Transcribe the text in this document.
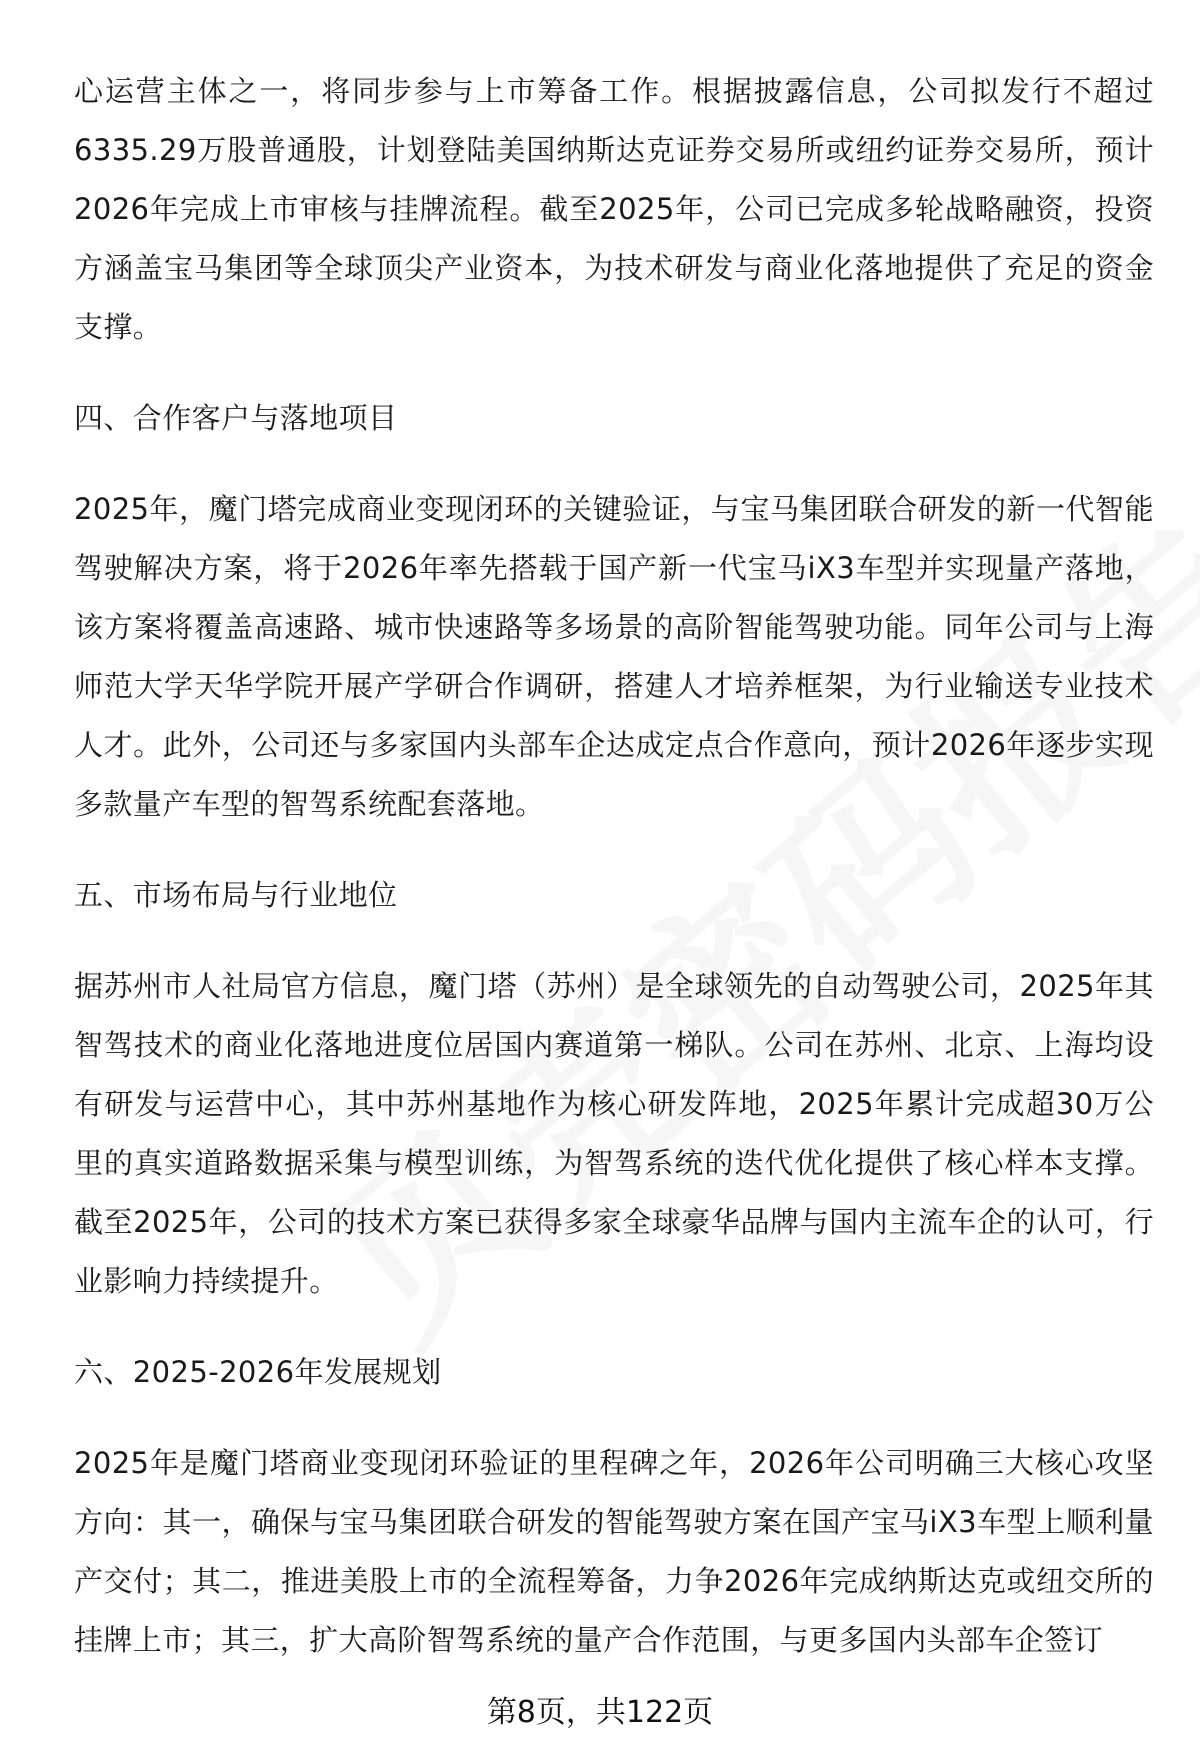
心运营主体之一，将同步参与上市筹备工作。根据披露信息，公司拟发行不超过6335.29万股普通股，计划登陆美国纳斯达克证券交易所或纽约证券交易所，预计2026年完成上市审核与挂牌流程。截至2025年，公司已完成多轮战略融资，投资方涵盖宝马集团等全球顶尖产业资本，为技术研发与商业化落地提供了充足的资金支撑。

四、合作客户与落地项目

2025年，魔门塔完成商业变现闭环的关键验证，与宝马集团联合研发的新一代智能驾驶解决方案，将于2026年率先搭载于国产新一代宝马iX3车型并实现量产落地，该方案将覆盖高速路、城市快速路等多场景的高阶智能驾驶功能。同年公司与上海师范大学天华学院开展产学研合作调研，搭建人才培养框架，为行业输送专业技术人才。此外，公司还与多家国内头部车企达成定点合作意向，预计2026年逐步实现多款量产车型的智驾系统配套落地。

五、市场布局与行业地位

据苏州市人社局官方信息，魔门塔（苏州）是全球领先的自动驾驶公司，2025年其智驾技术的商业化落地进度位居国内赛道第一梯队。公司在苏州、北京、上海均设有研发与运营中心，其中苏州基地作为核心研发阵地，2025年累计完成超30万公里的真实道路数据采集与模型训练，为智驾系统的迭代优化提供了核心样本支撑。截至2025年，公司的技术方案已获得多家全球豪华品牌与国内主流车企的认可，行业影响力持续提升。

六、2025-2026年发展规划

2025年是魔门塔商业变现闭环验证的里程碑之年，2026年公司明确三大核心攻坚方向：其一，确保与宝马集团联合研发的智能驾驶方案在国产宝马iX3车型上顺利量产交付；其二，推进美股上市的全流程筹备，力争2026年完成纳斯达克或纽交所的挂牌上市；其三，扩大高阶智驾系统的量产合作范围，与更多国内头部车企签订

第8页，共122页
